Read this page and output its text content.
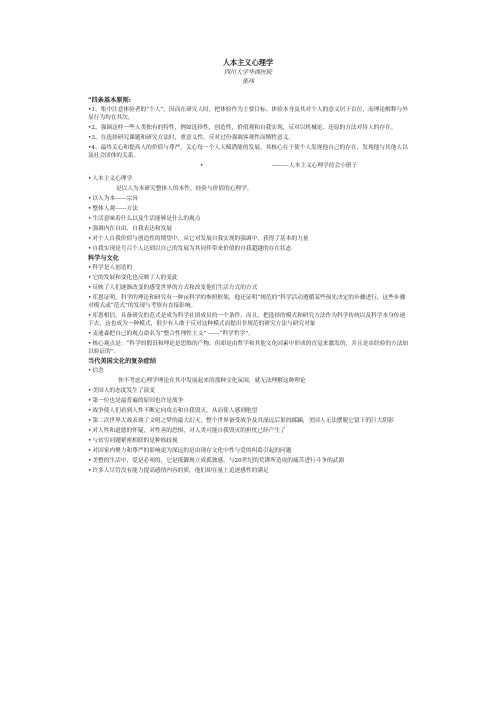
人本主义心理学
四川大学华西医院
张玮
“四条基本原则:
•1、集中注意体验者的“个人”，因而在研究人时，把体验作为主要目标。体验本身及其对个人的意义居于首位，而理论解释与外显行为均在其次。
•2、强调这样一些人类独有的特性，例如选择性，创造性，价值观和自我实现，反对以机械论、还原的方法对待人的存在。
•3、在选择研究课题和研究方法时，重意义性，反对过份强调客观性而牺牲意义。
•4、最终关心和提高人的价值与尊严，关心每一个人天赋潜能的发展。其核心在于使个人发现他自己的存在，发现他与其他人以及社会团体的关系。
•　　　　　　　　　　　　---------人本主义心理学持会小册子
• 人本主义心理学
是以人为本研究整体人的本性、经验与价值的心理学。
• 以人为本------宗旨
• 整体人观------方法
• 生活意味着什么以及生活能够是什么的观点
• 强调内在自由、自我表达和发展
• 对个人自我价值与创造性的期望中，从它对发展自我实现的强调中，获得了基本的力量
• 自我实现是号召个人达到以自己的发展为其同伴带来价值的自我超越的存在状态
科学与文化
• 科学是人创造的
• 它的发展和变化也反映了人的变此
• 反映了人们逐渐改变的感受世界的方式和改变他们生活方式的方式
• 库恩证明，科学的理论和研究有一种亩科学的参照框架，他还证明“规范的”科学活动遵循某些预先决定的步骤进行，这些步骤对模式或“范式”的发现与考察有直接影响。
• 库恩相信，具备研究的范式是成为科学社团成员的一个条件。而且，把选择的模式和研究方法作为科学传统以及科学本身传递下去，这也成为一种模式，很少有人敢于反对这种模式而提出非规范的研究方法与研究对象
• 麦迪森把自己的观点命名为“整合性理性主义” ------“科学哲学”。
• 核心观点是：“科学的假设和理论是思维的产物，但却是由哲学和其他文化因素中形成的直觉来激发的，并且是由经验的方法加以验证的”。
当代美国文化的复杂症结
• 信念
你不考虑心理学理论在其中发展起来的那种文化氛围，就无法理解这种理论
• 美国人的态度发生了演变
• 第一位也是最普遍的原因也许是战争
• 战争使人们看到人性不断定向攻击和自我毁灭，从而使人感到绝望
• 第二次世界大战表现了文明之梦的最大幻灭，整个世界备受战争及其深远后果的蹂躏，美国人无法摆脱它留下的巨大阴影
• 对人性和道德的怀疑，对性善的恐惧，对人类可能自我毁灭的担忧已经产生了
• 与贫穷问题紧密相联的是种族歧视
• 对国家内聚力和尊严的影响更为深远的是由现存文化中性与爱的纠葛引起的问题
• 美整的生活中，爱是必须的，它是抵御现立成孤独感，与20世纪的荒谬所造成的痛苦进行斗争的武器
• 许多人尽管没有能力提高感情内容的质，他们却在量上追逐感性的满足
